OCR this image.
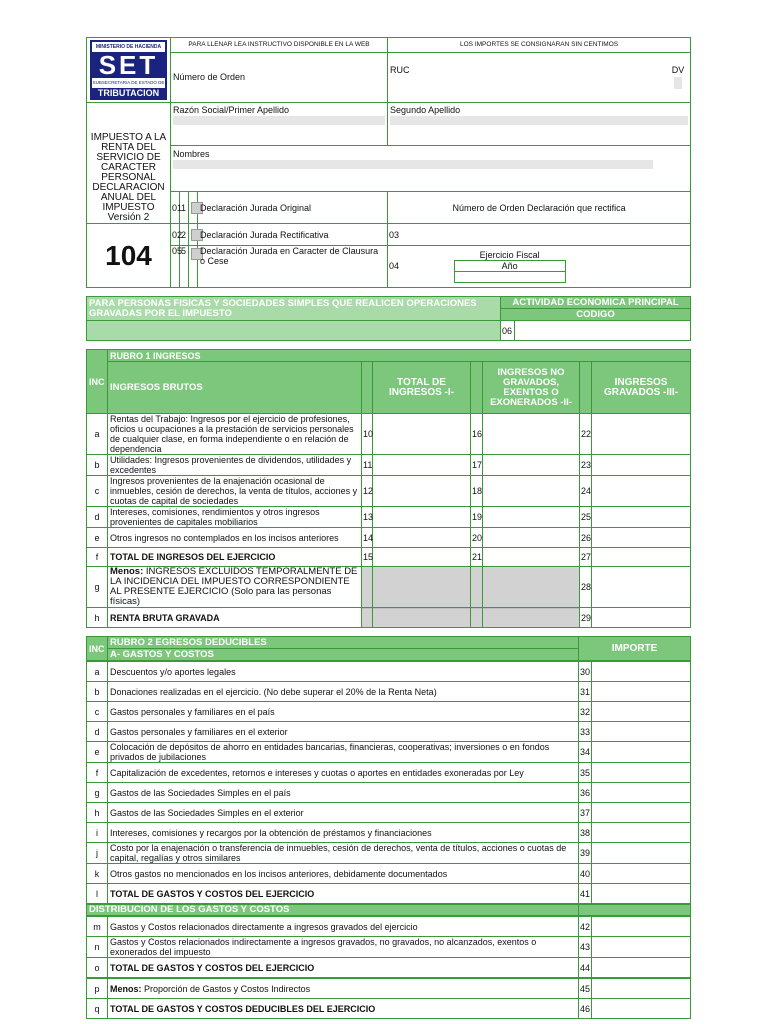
MINISTERIO DE HACIENDA
SET
SUBSECRETARIA DE ESTADO DE
TRIBUTACION	PARA LLENAR LEA INSTRUCTIVO DISPONIBLE EN LA WEB				LOS IMPORTES SE CONSIGNARAN SIN CENTIMOS
	Número de Orden				RUC DV

IMPUESTO A LA RENTA DEL SERVICIO DE CARACTER PERSONAL DECLARACION ANUAL DEL IMPUESTO
Versión 2	Razón Social/Primer Apellido				Segundo Apellido

	Nombres				

	01	1		Declaración Jurada Original	Número de Orden Declaración que rectifica
104	02	2		Declaración Jurada Rectificativa	03
	05	5		Declaración Jurada en Caracter de Clausura o Cese	04
Ejercicio Fiscal
Año
PARA PERSONAS FISICAS Y SOCIEDADES SIMPLES QUE REALICEN OPERACIONES GRAVADAS POR EL IMPUESTO	ACTIVIDAD ECONOMICA PRINCIPAL	
	CODIGO	
	06	
INC	RUBRO 1 INGRESOS						
	INGRESOS BRUTOS		TOTAL DE INGRESOS -I-		INGRESOS NO GRAVADOS, EXENTOS O EXONERADOS -II-		INGRESOS GRAVADOS -III-
a	Rentas del Trabajo: Ingresos por el ejercicio de profesiones, oficios u ocupaciones a la prestación de servicios personales de cualquier clase, en forma independiente o en relación de dependencia	10		16		22	
b	Utilidades: Ingresos provenientes de dividendos, utilidades y excedentes	11		17		23	
c	Ingresos provenientes de la enajenación ocasional de inmuebles, cesión de derechos, la venta de títulos, acciones y cuotas de capital de sociedades	12		18		24	
d	Intereses, comisiones, rendimientos y otros ingresos provenientes de capitales mobiliarios	13		19		25	
e	Otros ingresos no contemplados en los incisos anteriores	14		20		26	
f	TOTAL DE INGRESOS DEL EJERCICIO	15		21		27	
g	Menos: INGRESOS EXCLUIDOS TEMPORALMENTE DE LA INCIDENCIA DEL IMPUESTO CORRESPONDIENTE AL PRESENTE EJERCICIO (Solo para las personas físicas)					28	
h	RENTA BRUTA GRAVADA					29	
INC	RUBRO 2 EGRESOS DEDUCIBLES	IMPORTE
A- GASTOS Y COSTOS
a	Descuentos y/o aportes legales	30	
b	Donaciones realizadas en el ejercicio. (No debe superar el 20% de la Renta Neta)	31	
c	Gastos personales y familiares en el país	32	
d	Gastos personales y familiares en el exterior	33	
e	Colocación de depósitos de ahorro en entidades bancarias, financieras, cooperativas; inversiones o en fondos privados de jubilaciones	34	
f	Capitalización de excedentes, retornos e intereses y cuotas o aportes en entidades exoneradas por Ley	35	
g	Gastos de las Sociedades Simples en el país	36	
h	Gastos de las Sociedades Simples en el exterior	37	
i	Intereses, comisiones y recargos por la obtención de préstamos y financiaciones	38	
j	Costo por la enajenación o transferencia de inmuebles, cesión de derechos, venta de títulos, acciones o cuotas de capital, regalías y otros similares	39	
k	Otros gastos no mencionados en los incisos anteriores, debidamente documentados	40	
l	TOTAL DE GASTOS Y COSTOS DEL EJERCICIO	41	
DISTRIBUCION DE LOS GASTOS Y COSTOS	
m	Gastos y Costos relacionados directamente a ingresos gravados del ejercicio	42	
n	Gastos y Costos relacionados indirectamente a ingresos gravados, no gravados, no alcanzados, exentos o exonerados del impuesto	43	
o	TOTAL DE GASTOS Y COSTOS DEL EJERCICIO	44	
p	Menos: Proporción de Gastos y Costos Indirectos	45	
q	TOTAL DE GASTOS Y COSTOS DEDUCIBLES DEL EJERCICIO	46	
